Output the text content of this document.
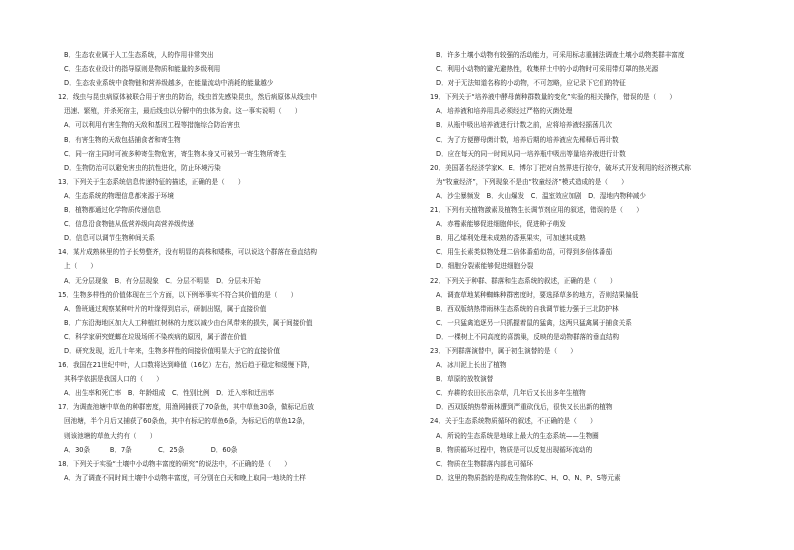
B．生态农业属于人工生态系统，人的作用非常突出
C．生态农业设计的指导原则是物质和能量的多级利用
D．生态农业系统中食物链和营养级越多，在能量流动中消耗的能量越少
12．线虫与昆虫病原体被联合用于害虫的防治，线虫首先感染昆虫，然后病原体从线虫中
迅速、繁殖，并杀死宿主，最后线虫以分解中的虫体为食。这一事实说明（　　）
A．可以利用有害生物的天敌和基因工程等措施综合防治害虫
B．有害生物的天敌包括捕食者和寄生物
C．同一宿主同时可被多种寄生物危害，寄生物本身又可被另一寄生物所寄生
D．生物防治可以避免害虫的抗性进化，防止环境污染
13．下列关于生态系统信息传递特征的描述，正确的是（　　）
A．生态系统的物理信息都来源于环境
B．植物都通过化学物质传递信息
C．信息沿食物链从低营养级向高营养级传递
D．信息可以调节生物种间关系
14．某片成熟林里的竹子长势整齐，没有明显的高株和矮株，可以说这个群落在垂直结构
上（　　）
A．无分层现象　B．有分层现象　C．分层不明显　D．分层未开始
15．生物多样性的价值体现在三个方面，以下例举事实不符合其价值的是（　　）
A．鲁班通过观察某种叶片的叶缘得到启示，研制出锯，属于直接价值
B．广东沿海地区加大人工种植红树林的力度以减少由台风带来的损失，属于间接价值
C．科学家研究蜣螂在垃圾场所不染疾病的原因，属于潜在价值
D．研究发现，近几十年来，生物多样性的间接价值明显大于它的直接价值
16．我国在21世纪中叶，人口数将达到峰值（16亿）左右，然后趋于稳定和缓慢下降，
其科学依据是我国人口的（　　）
A．出生率和死亡率　B．年龄组成　C．性别比例　D．迁入率和迁出率
17．为调查池塘中草鱼的种群密度，用渔网捕获了70条鱼，其中草鱼30条，做标记后放
回池塘，半个月后又捕获了60条鱼，其中有标记的草鱼6条，为标记后的草鱼12条，
则该池塘的草鱼大约有（　　）
A．30条　　　B．7条　　　　C．25条　　　　D．60条
18．下列关于实验“土壤中小动物丰富度的研究”的说法中，不正确的是（　　）
A．为了调查不同时间土壤中小动物丰富度，可分别在白天和晚上取同一地块的土样
B．许多土壤小动物有较强的活动能力，可采用标志重捕法调查土壤小动物类群丰富度
C．利用小动物的避光避热性，收集样土中的小动物时可采用带灯罩的热光源
D．对于无法知道名称的小动物，不可忽略，应记录下它们的特征
19．下列关于“培养液中酵母菌种群数量的变化”实验的相关操作，错误的是（　　）
A．培养液和培养用具必须经过严格的灭菌处理
B．从瓶中吸出培养液进行计数之前，应将培养液轻摇荡几次
C．为了方便酵母菌计数，培养后期的培养液应先稀释后再计数
D．应在每天的同一时间从同一培养瓶中吸出等量培养液进行计数
20．美国著名经济学家K．E．博尔丁把对自然界进行掠夺，破坏式开发利用的经济模式称
为“牧童经济”，下列现象不是由“牧童经济”模式造成的是（　　）
A．沙尘暴频发　B．火山爆发　C．温室效应加剧　D．湿地内物种减少
21．下列有关植物激素及植物生长调节剂应用的叙述，错误的是（　　）
A．赤霉素能够促进细胞伸长，促进种子萌发
B．用乙烯利处理未成熟的香蕉果实，可加速其成熟
C．用生长素类似物处理二倍体番茄幼苗，可得到多倍体番茄
D．细胞分裂素能够促进细胞分裂
22．下列关于种群、群落和生态系统的叙述，正确的是（　　）
A．调查草地某种蜘蛛种群密度时，要选择草多的地方，否则结果偏低
B．西双版纳热带雨林生态系统的自我调节能力强于三北防护林
C．一只猛禽追逐另一只抓握着鼠的猛禽，这两只猛禽属于捕食关系
D．一棵树上不同高度的喜鹊巢，反映的是动物群落的垂直结构
23．下列群落演替中，属于初生演替的是（　　）
A．冰川泥上长出了植物
B．草原的放牧演替
C．弃耕的农田长出杂草，几年后又长出多年生植物
D．西双版纳热带雨林遭到严重砍伐后，很快又长出新的植物
24．关于生态系统物质循环的叙述，不正确的是（　　）
A．所说的生态系统是地球上最大的生态系统——生物圈
B．物质循环过程中，物质是可以反复出现循环流动的
C．物质在生物群落内部也可循环
D．这里的物质指的是构成生物体的C、H、O、N、P、S等元素
